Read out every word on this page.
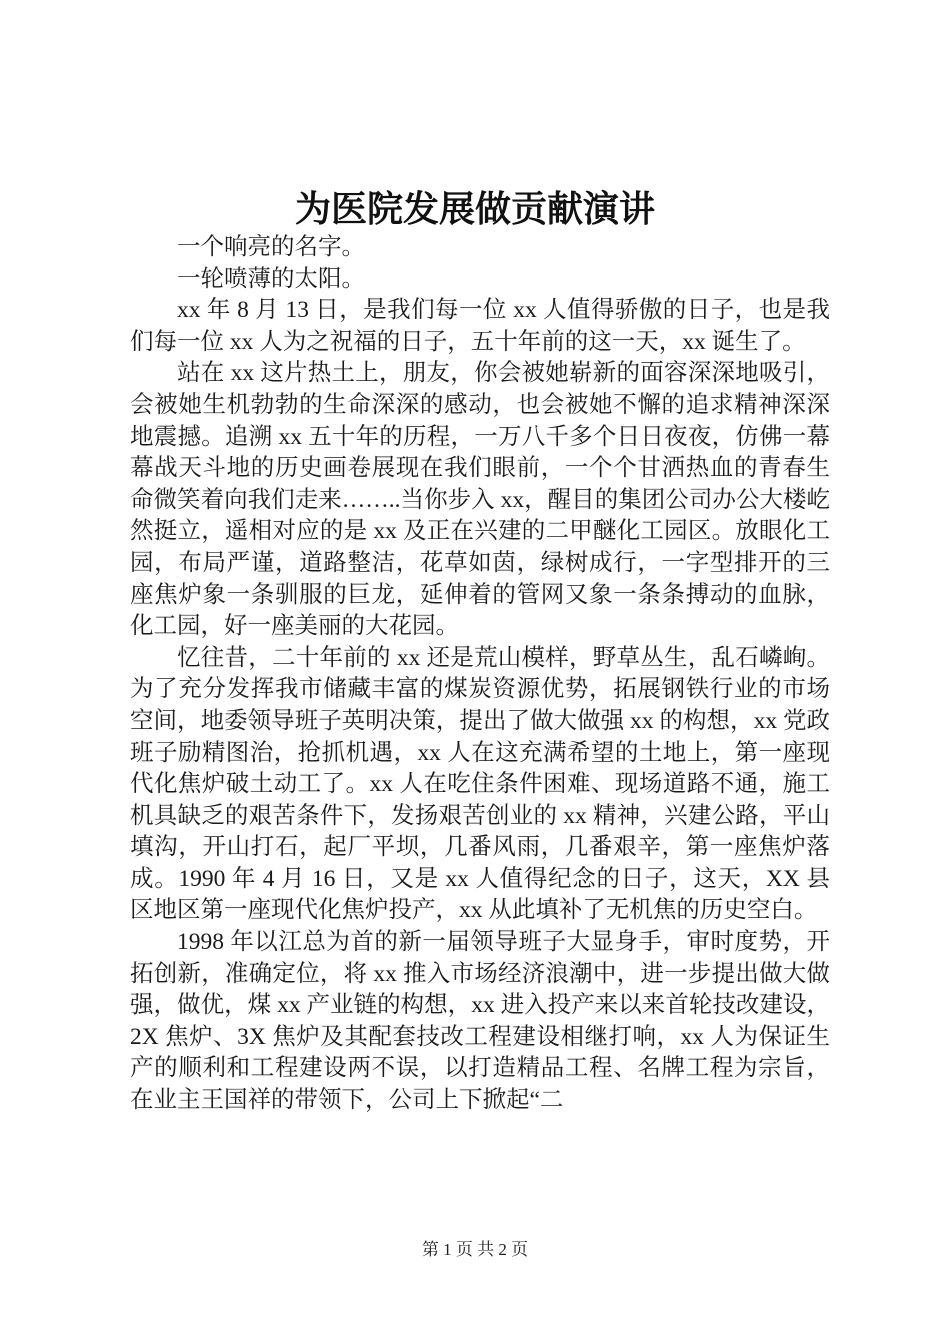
为医院发展做贡献演讲

一个响亮的名字。

一轮喷薄的太阳。

xx 年 8 月 13 日，是我们每一位 xx 人值得骄傲的日子，也是我们每一位 xx 人为之祝福的日子，五十年前的这一天，xx 诞生了。

站在 xx 这片热土上，朋友，你会被她崭新的面容深深地吸引，会被她生机勃勃的生命深深的感动，也会被她不懈的追求精神深深地震撼。追溯 xx 五十年的历程，一万八千多个日日夜夜，仿佛一幕幕战天斗地的历史画卷展现在我们眼前，一个个甘洒热血的青春生命微笑着向我们走来……..当你步入 xx，醒目的集团公司办公大楼屹然挺立，遥相对应的是 xx 及正在兴建的二甲醚化工园区。放眼化工园，布局严谨，道路整洁，花草如茵，绿树成行，一字型排开的三座焦炉象一条驯服的巨龙，延伸着的管网又象一条条搏动的血脉，化工园，好一座美丽的大花园。

忆往昔，二十年前的 xx 还是荒山模样，野草丛生，乱石嶙峋。为了充分发挥我市储藏丰富的煤炭资源优势，拓展钢铁行业的市场空间，地委领导班子英明决策，提出了做大做强 xx 的构想，xx 党政班子励精图治，抢抓机遇，xx 人在这充满希望的土地上，第一座现代化焦炉破土动工了。xx 人在吃住条件困难、现场道路不通，施工机具缺乏的艰苦条件下，发扬艰苦创业的 xx 精神，兴建公路，平山填沟，开山打石，起厂平坝，几番风雨，几番艰辛，第一座焦炉落成。1990 年 4 月 16 日，又是 xx 人值得纪念的日子，这天，XX 县区地区第一座现代化焦炉投产，xx 从此填补了无机焦的历史空白。

1998 年以江总为首的新一届领导班子大显身手，审时度势，开拓创新，准确定位，将 xx 推入市场经济浪潮中，进一步提出做大做强，做优，煤 xx 产业链的构想，xx 进入投产来以来首轮技改建设，2X 焦炉、3X 焦炉及其配套技改工程建设相继打响，xx 人为保证生产的顺利和工程建设两不误，以打造精品工程、名牌工程为宗旨，在业主王国祥的带领下，公司上下掀起“二

第 1 页 共 2 页
